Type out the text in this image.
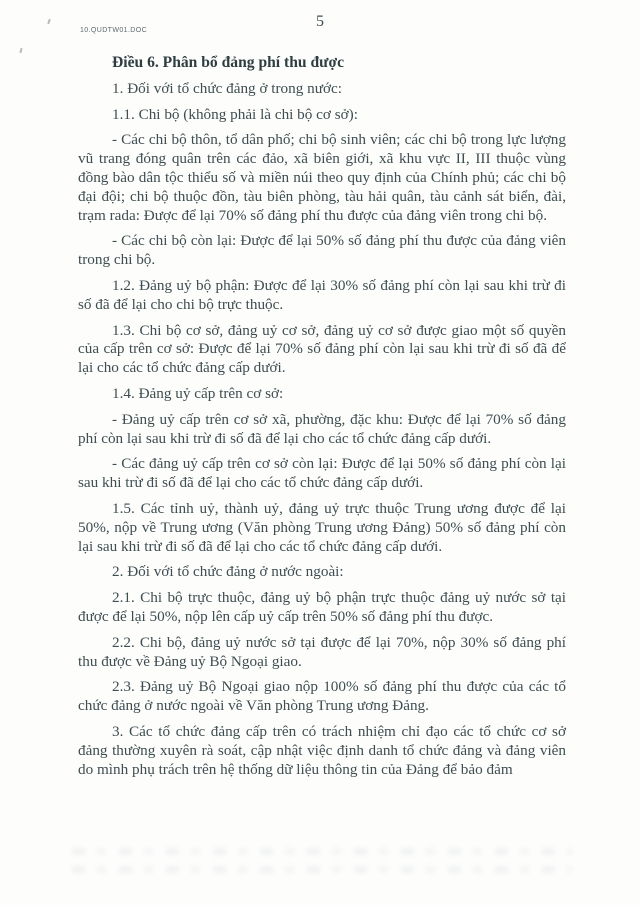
10.QUDTW01.DOC
5

Điều 6. Phân bổ đảng phí thu được

1. Đối với tổ chức đảng ở trong nước:

1.1. Chi bộ (không phải là chi bộ cơ sở):

- Các chi bộ thôn, tổ dân phố; chi bộ sinh viên; các chi bộ trong lực lượng vũ trang đóng quân trên các đảo, xã biên giới, xã khu vực II, III thuộc vùng đồng bào dân tộc thiểu số và miền núi theo quy định của Chính phủ; các chi bộ đại đội; chi bộ thuộc đồn, tàu biên phòng, tàu hải quân, tàu cảnh sát biển, đài, trạm rada: Được để lại 70% số đảng phí thu được của đảng viên trong chi bộ.

- Các chi bộ còn lại: Được để lại 50% số đảng phí thu được của đảng viên trong chi bộ.

1.2. Đảng uỷ bộ phận: Được để lại 30% số đảng phí còn lại sau khi trừ đi số đã để lại cho chi bộ trực thuộc.

1.3. Chi bộ cơ sở, đảng uỷ cơ sở, đảng uỷ cơ sở được giao một số quyền của cấp trên cơ sở: Được để lại 70% số đảng phí còn lại sau khi trừ đi số đã để lại cho các tổ chức đảng cấp dưới.

1.4. Đảng uỷ cấp trên cơ sở:

- Đảng uỷ cấp trên cơ sở xã, phường, đặc khu: Được để lại 70% số đảng phí còn lại sau khi trừ đi số đã để lại cho các tổ chức đảng cấp dưới.

- Các đảng uỷ cấp trên cơ sở còn lại: Được để lại 50% số đảng phí còn lại sau khi trừ đi số đã để lại cho các tổ chức đảng cấp dưới.

1.5. Các tỉnh uỷ, thành uỷ, đảng uỷ trực thuộc Trung ương được để lại 50%, nộp về Trung ương (Văn phòng Trung ương Đảng) 50% số đảng phí còn lại sau khi trừ đi số đã để lại cho các tổ chức đảng cấp dưới.

2. Đối với tổ chức đảng ở nước ngoài:

2.1. Chi bộ trực thuộc, đảng uỷ bộ phận trực thuộc đảng uỷ nước sở tại được để lại 50%, nộp lên cấp uỷ cấp trên 50% số đảng phí thu được.

2.2. Chi bộ, đảng uỷ nước sở tại được để lại 70%, nộp 30% số đảng phí thu được về Đảng uỷ Bộ Ngoại giao.

2.3. Đảng uỷ Bộ Ngoại giao nộp 100% số đảng phí thu được của các tổ chức đảng ở nước ngoài về Văn phòng Trung ương Đảng.

3. Các tổ chức đảng cấp trên có trách nhiệm chỉ đạo các tổ chức cơ sở đảng thường xuyên rà soát, cập nhật việc định danh tổ chức đảng và đảng viên do mình phụ trách trên hệ thống dữ liệu thông tin của Đảng để bảo đảm
